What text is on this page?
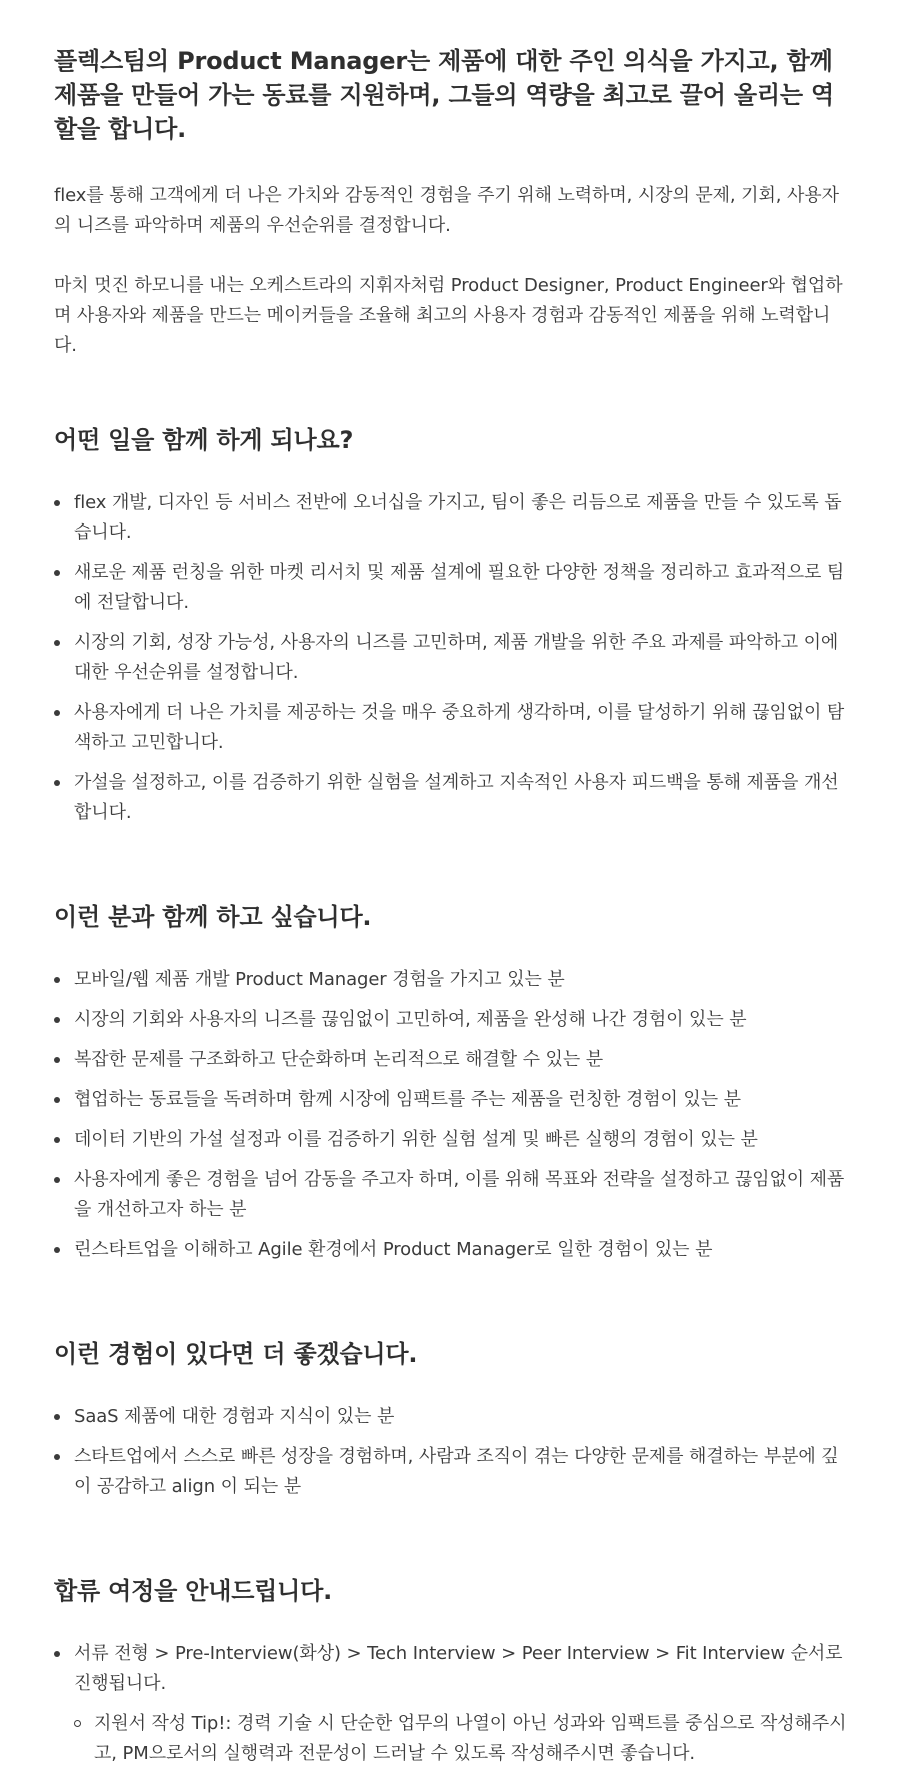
플렉스팀의 Product Manager는 제품에 대한 주인 의식을 가지고, 함께 제품을 만들어 가는 동료를 지원하며, 그들의 역량을 최고로 끌어 올리는 역할을 합니다.

flex를 통해 고객에게 더 나은 가치와 감동적인 경험을 주기 위해 노력하며, 시장의 문제, 기회, 사용자의 니즈를 파악하며 제품의 우선순위를 결정합니다.

마치 멋진 하모니를 내는 오케스트라의 지휘자처럼 Product Designer, Product Engineer와 협업하며 사용자와 제품을 만드는 메이커들을 조율해 최고의 사용자 경험과 감동적인 제품을 위해 노력합니다.

어떤 일을 함께 하게 되나요?
flex 개발, 디자인 등 서비스 전반에 오너십을 가지고, 팀이 좋은 리듬으로 제품을 만들 수 있도록 돕습니다.
새로운 제품 런칭을 위한 마켓 리서치 및 제품 설계에 필요한 다양한 정책을 정리하고 효과적으로 팀에 전달합니다.
시장의 기회, 성장 가능성, 사용자의 니즈를 고민하며, 제품 개발을 위한 주요 과제를 파악하고 이에 대한 우선순위를 설정합니다.
사용자에게 더 나은 가치를 제공하는 것을 매우 중요하게 생각하며, 이를 달성하기 위해 끊임없이 탐색하고 고민합니다.
가설을 설정하고, 이를 검증하기 위한 실험을 설계하고 지속적인 사용자 피드백을 통해 제품을 개선합니다.
이런 분과 함께 하고 싶습니다.
모바일/웹 제품 개발 Product Manager 경험을 가지고 있는 분
시장의 기회와 사용자의 니즈를 끊임없이 고민하여, 제품을 완성해 나간 경험이 있는 분
복잡한 문제를 구조화하고 단순화하며 논리적으로 해결할 수 있는 분
협업하는 동료들을 독려하며 함께 시장에 임팩트를 주는 제품을 런칭한 경험이 있는 분
데이터 기반의 가설 설정과 이를 검증하기 위한 실험 설계 및 빠른 실행의 경험이 있는 분
사용자에게 좋은 경험을 넘어 감동을 주고자 하며, 이를 위해 목표와 전략을 설정하고 끊임없이 제품을 개선하고자 하는 분
린스타트업을 이해하고 Agile 환경에서 Product Manager로 일한 경험이 있는 분
이런 경험이 있다면 더 좋겠습니다.
SaaS 제품에 대한 경험과 지식이 있는 분
스타트업에서 스스로 빠른 성장을 경험하며, 사람과 조직이 겪는 다양한 문제를 해결하는 부분에 깊이 공감하고 align 이 되는 분
합류 여정을 안내드립니다.
서류 전형 > Pre-Interview(화상) > Tech Interview > Peer Interview > Fit Interview 순서로 진행됩니다.
지원서 작성 Tip!: 경력 기술 시 단순한 업무의 나열이 아닌 성과와 임팩트를 중심으로 작성해주시고, PM으로서의 실행력과 전문성이 드러날 수 있도록 작성해주시면 좋습니다.
